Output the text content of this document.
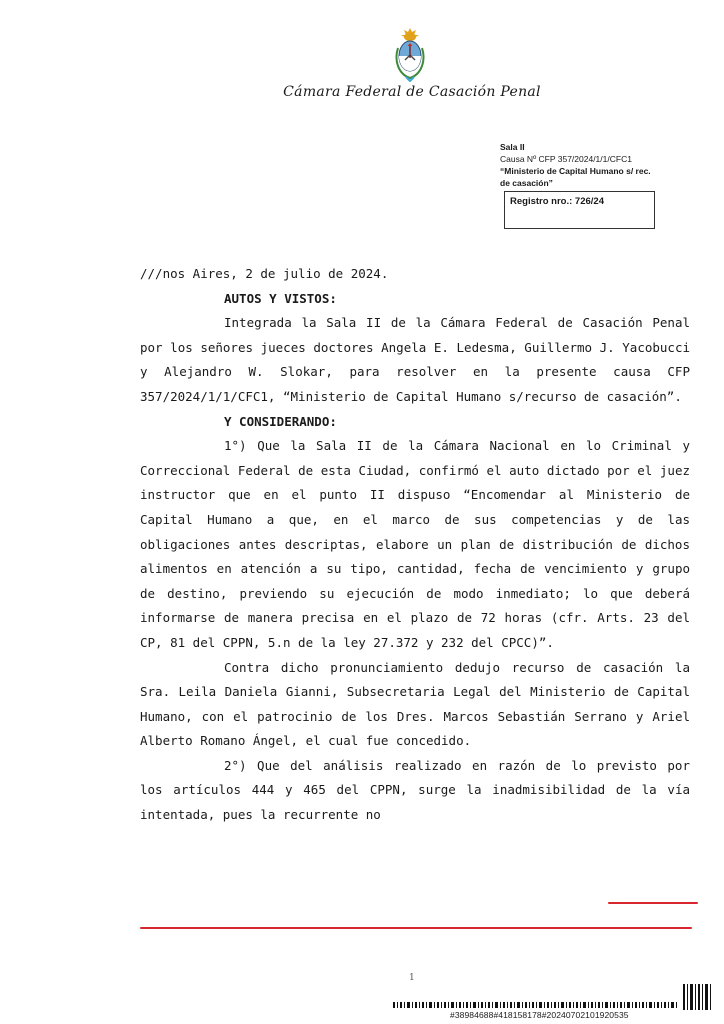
Cámara Federal de Casación Penal
Sala II
Causa Nº CFP 357/2024/1/1/CFC1
“Ministerio de Capital Humano s/ rec.
de casación”
Registro nro.: 726/24

///nos Aires, 2 de julio de 2024.

AUTOS Y VISTOS:

Integrada la Sala II de la Cámara Federal de Casación Penal por los señores jueces doctores Angela E. Ledesma, Guillermo J. Yacobucci y Alejandro W. Slokar, para resolver en la presente causa CFP 357/2024/1/1/CFC1, “Ministerio de Capital Humano s/recurso de casación”.

Y CONSIDERANDO:

1°) Que la Sala II de la Cámara Nacional en lo Criminal y Correccional Federal de esta Ciudad, confirmó el auto dictado por el juez instructor que en el punto II dispuso “Encomendar al Ministerio de Capital Humano a que, en el marco de sus competencias y de las obligaciones antes descriptas, elabore un plan de distribución de dichos alimentos en atención a su tipo, cantidad, fecha de vencimiento y grupo de destino, previendo su ejecución de modo inmediato; lo que deberá informarse de manera precisa en el plazo de 72 horas (cfr. Arts. 23 del CP, 81 del CPPN, 5.n de la ley 27.372 y 232 del CPCC)”.

Contra dicho pronunciamiento dedujo recurso de casación la Sra. Leila Daniela Gianni, Subsecretaria Legal del Ministerio de Capital Humano, con el patrocinio de los Dres. Marcos Sebastián Serrano y Ariel Alberto Romano Ángel, el cual fue concedido.

2°) Que del análisis realizado en razón de lo previsto por los artículos 444 y 465 del CPPN, surge la inadmisibilidad de la vía intentada, pues la recurrente no

1
#38984688#418158178#20240702101920535
